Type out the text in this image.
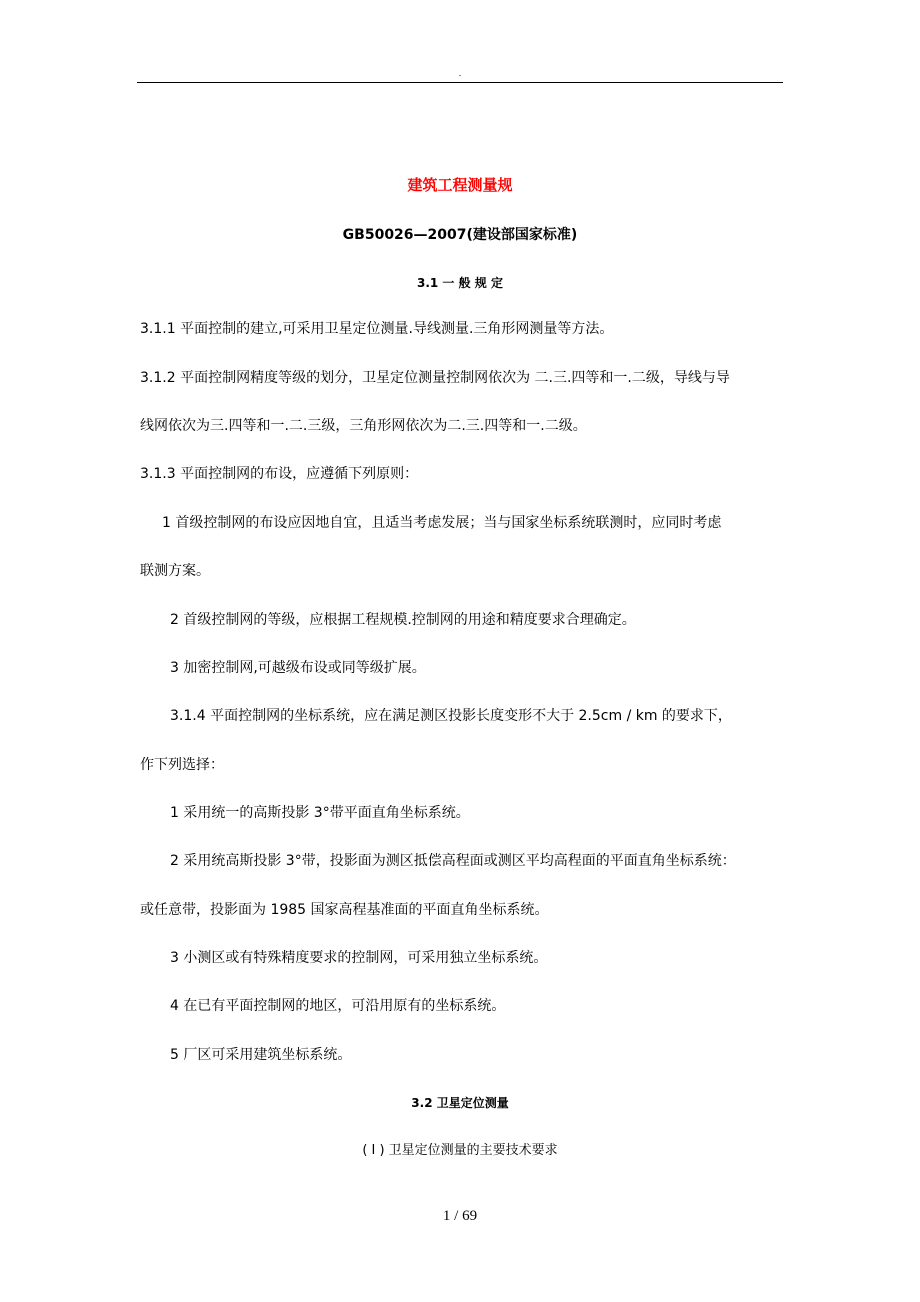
.
建筑工程测量规
GB50026—2007(建设部国家标准)
3.1 一 般 规 定
3.1.1 平面控制的建立,可采用卫星定位测量.导线测量.三角形网测量等方法。
3.1.2 平面控制网精度等级的划分，卫星定位测量控制网依次为 二.三.四等和一.二级，导线与导
线网依次为三.四等和一.二.三级，三角形网依次为二.三.四等和一.二级。
3.1.3 平面控制网的布设，应遵循下列原则：
1 首级控制网的布设应因地自宜，且适当考虑发展；当与国家坐标系统联测时，应同时考虑
联测方案。
2 首级控制网的等级，应根据工程规模.控制网的用途和精度要求合理确定。
3 加密控制网,可越级布设或同等级扩展。
3.1.4 平面控制网的坐标系统，应在满足测区投影长度变形不大于 2.5cm / km 的要求下，
作下列选择：
1 采用统一的高斯投影 3°带平面直角坐标系统。
2 采用统高斯投影 3°带，投影面为测区抵偿高程面或测区平均高程面的平面直角坐标系统：
或任意带，投影面为 1985 国家高程基准面的平面直角坐标系统。
3 小测区或有特殊精度要求的控制网，可采用独立坐标系统。
4 在已有平面控制网的地区，可沿用原有的坐标系统。
5 厂区可采用建筑坐标系统。
3.2 卫星定位测量
( I ) 卫星定位测量的主要技术要求
1 / 69
